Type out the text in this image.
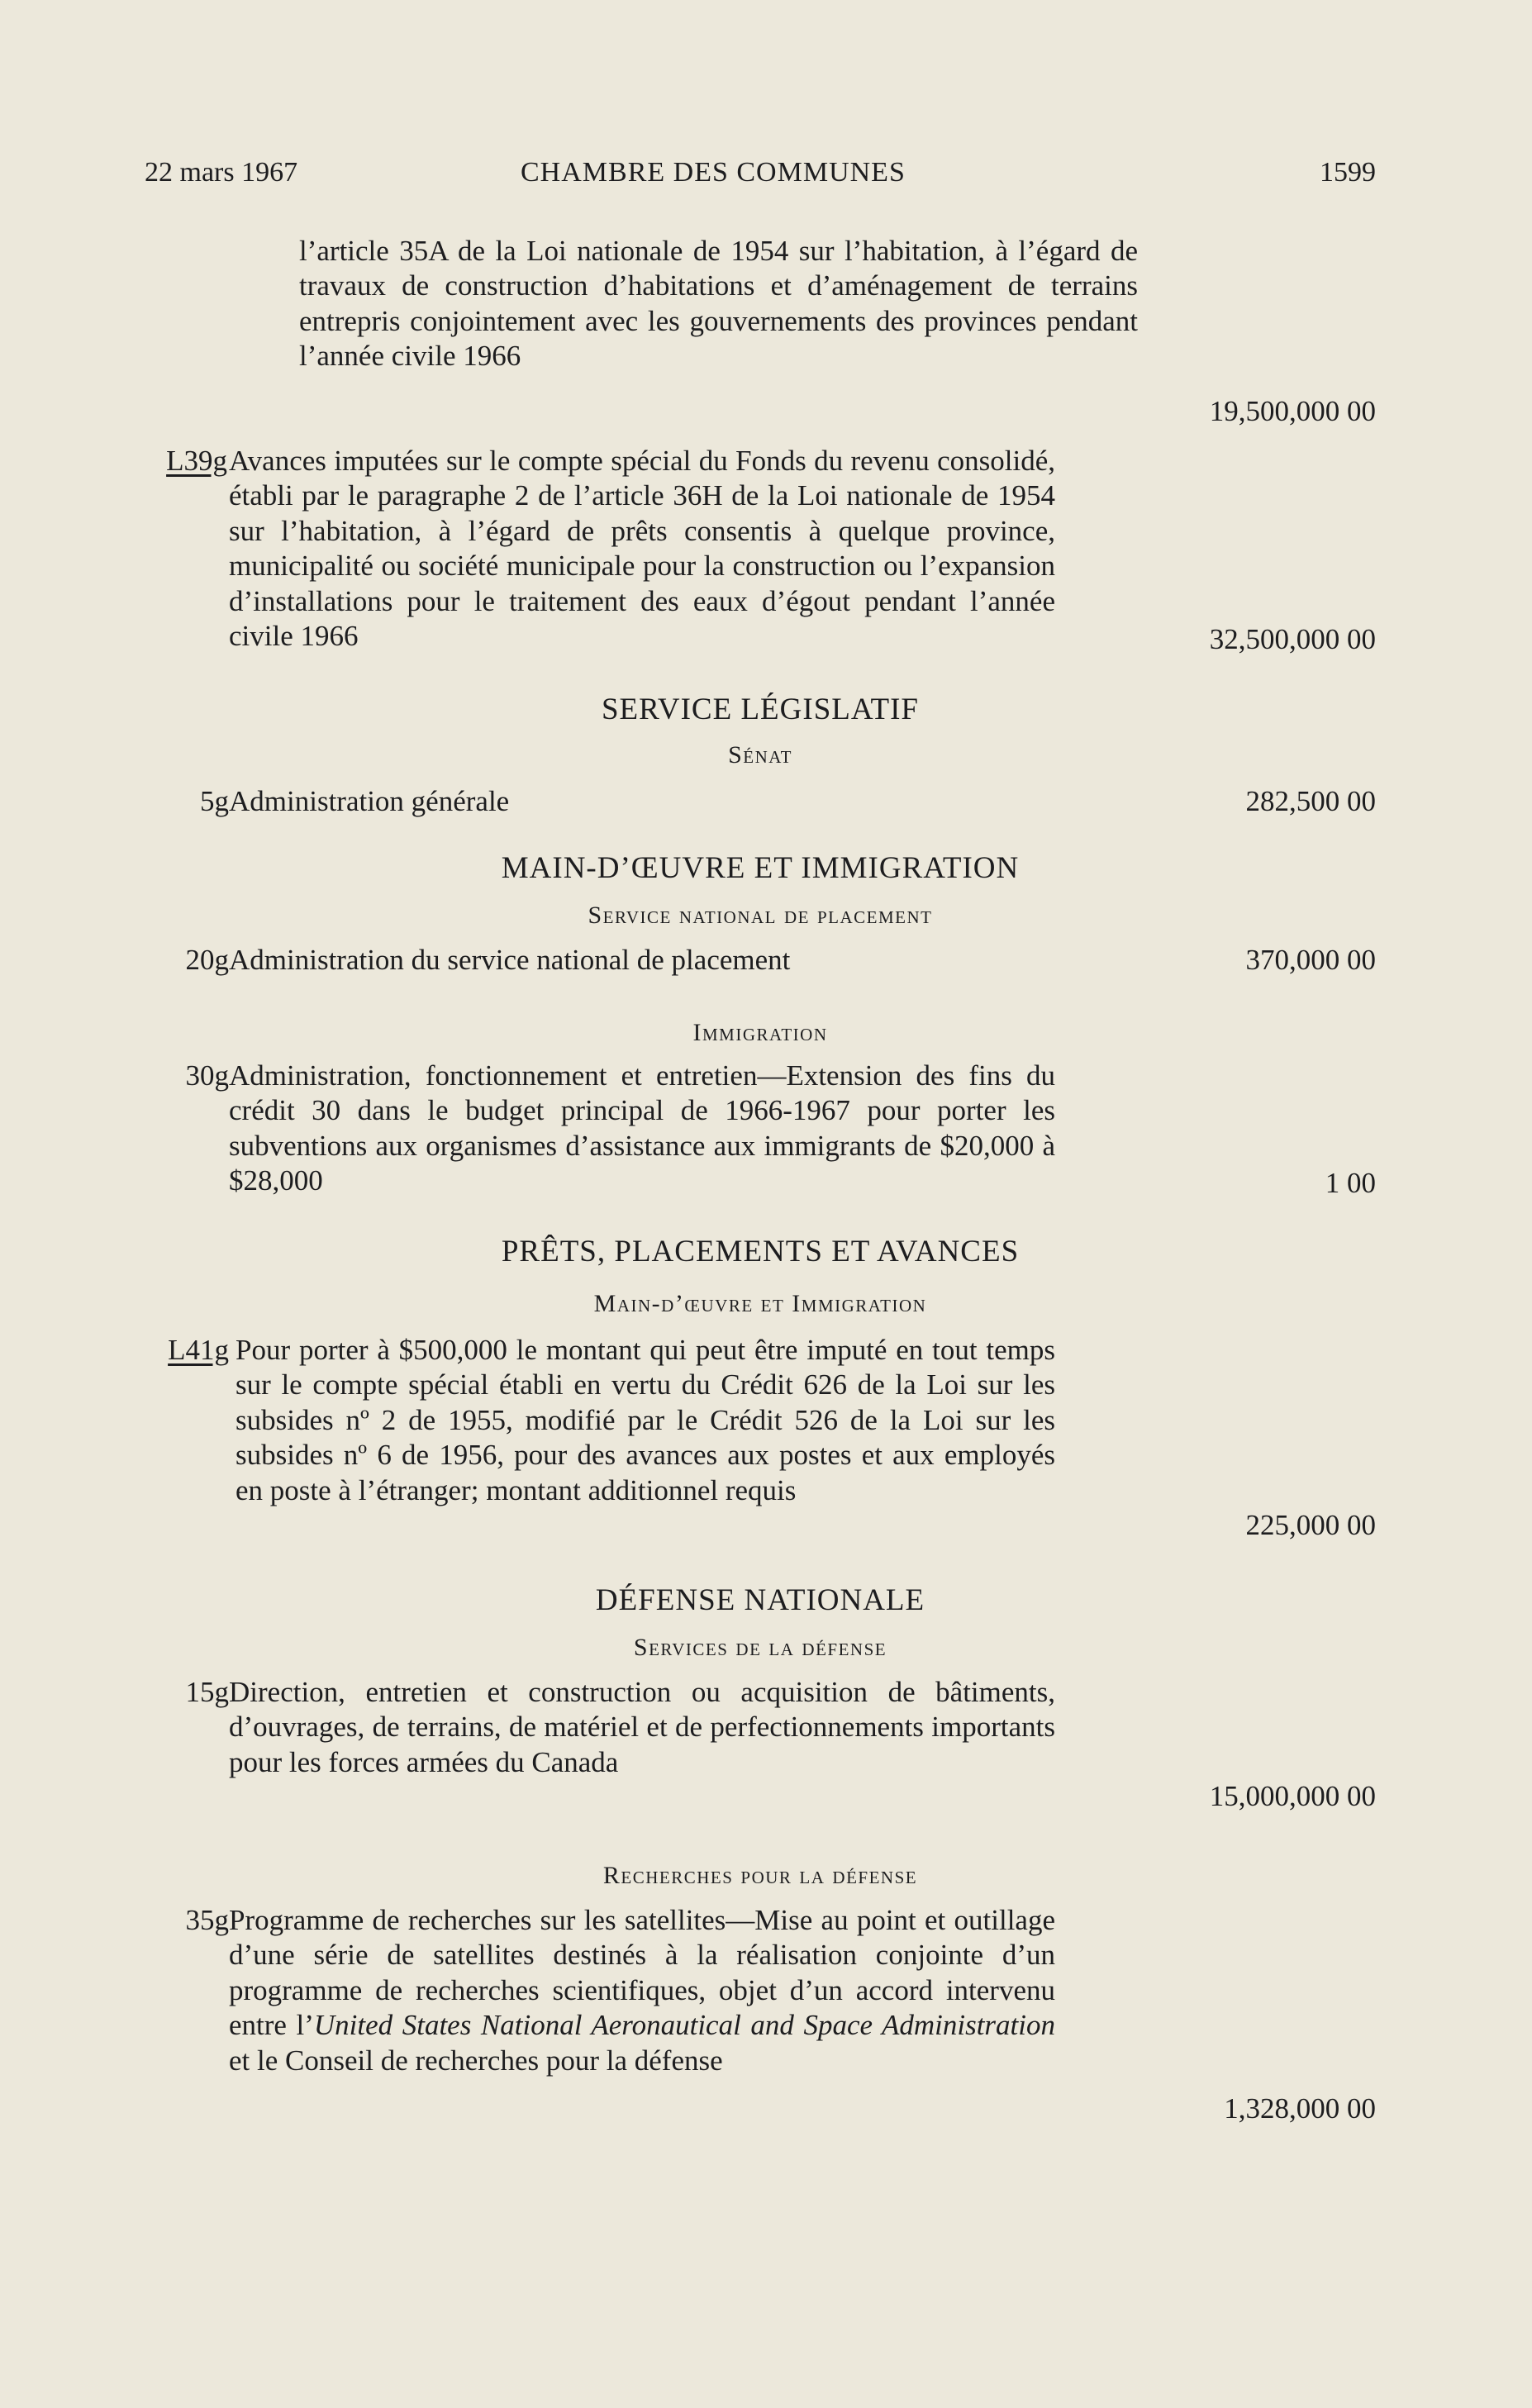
22 mars 1967	CHAMBRE DES COMMUNES	1599
l’article 35A de la Loi nationale de 1954 sur l’habitation, à l’égard de travaux de construction d’habitations et d’aménagement de terrains entrepris conjointement avec les gouvernements des provinces pendant l’année civile 1966
19,500,000 00
L39g Avances imputées sur le compte spécial du Fonds du revenu consolidé, établi par le paragraphe 2 de l’article 36H de la Loi nationale de 1954 sur l’habitation, à l’égard de prêts consentis à quelque province, municipalité ou société municipale pour la construction ou l’expansion d’installations pour le traitement des eaux d’égout pendant l’année civile 1966	32,500,000 00
SERVICE LÉGISLATIF
Sénat
5g Administration générale	282,500 00
MAIN-D’ŒUVRE ET IMMIGRATION
Service national de placement
20g Administration du service national de placement	370,000 00
Immigration
30g Administration, fonctionnement et entretien—Extension des fins du crédit 30 dans le budget principal de 1966-1967 pour porter les subventions aux organismes d’assistance aux immigrants de $20,000 à $28,000	1 00
PRÊTS, PLACEMENTS ET AVANCES
Main-d’œuvre et Immigration
L41g Pour porter à $500,000 le montant qui peut être imputé en tout temps sur le compte spécial établi en vertu du Crédit 626 de la Loi sur les subsides nº 2 de 1955, modifié par le Crédit 526 de la Loi sur les subsides nº 6 de 1956, pour des avances aux postes et aux employés en poste à l’étranger; montant additionnel requis
225,000 00
DÉFENSE NATIONALE
Services de la défense
15g Direction, entretien et construction ou acquisition de bâtiments, d’ouvrages, de terrains, de matériel et de perfectionnements importants pour les forces armées du Canada
15,000,000 00
Recherches pour la défense
35g Programme de recherches sur les satellites—Mise au point et outillage d’une série de satellites destinés à la réalisation conjointe d’un programme de recherches scientifiques, objet d’un accord intervenu entre l’United States National Aeronautical and Space Administration et le Conseil de recherches pour la défense
1,328,000 00
